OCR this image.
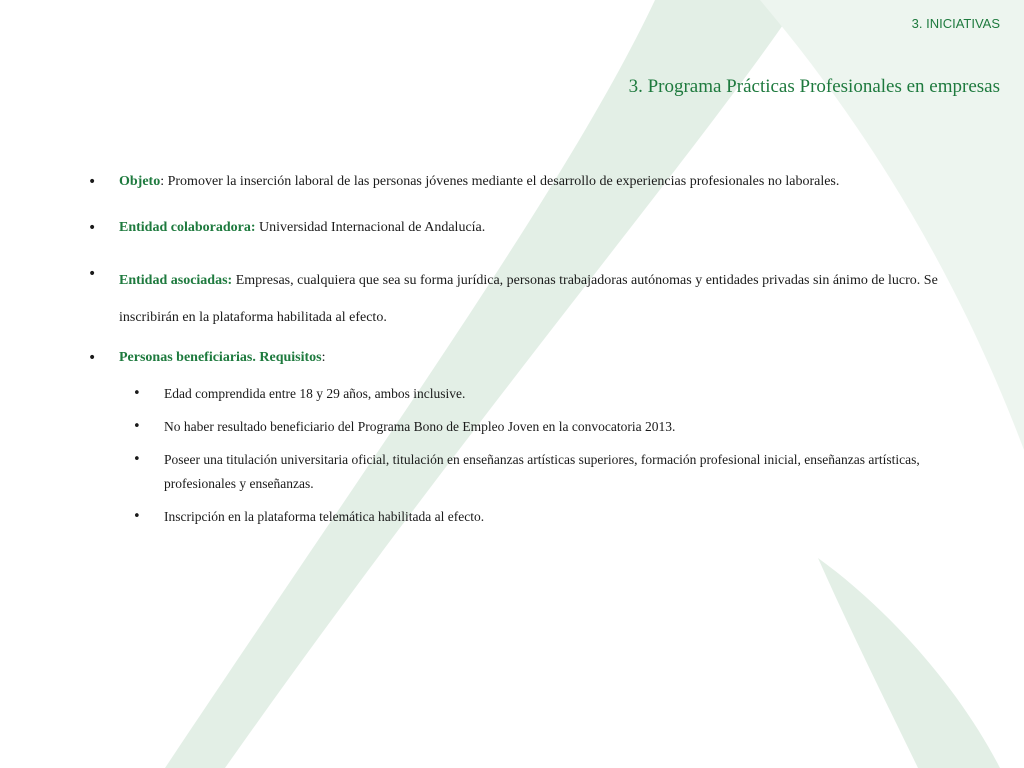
3. INICIATIVAS
3. Programa Prácticas Profesionales en empresas
• Objeto: Promover la inserción laboral de las personas jóvenes mediante el desarrollo de experiencias profesionales no laborales.
• Entidad colaboradora: Universidad Internacional de Andalucía.
• Entidad asociadas: Empresas, cualquiera que sea su forma jurídica, personas trabajadoras autónomas y entidades privadas sin ánimo de lucro. Se inscribirán en la plataforma habilitada al efecto.
• Personas beneficiarias. Requisitos:
• Edad comprendida entre 18 y 29 años, ambos inclusive.
• No haber resultado beneficiario del Programa Bono de Empleo Joven en la convocatoria 2013.
• Poseer una titulación universitaria oficial, titulación en enseñanzas artísticas superiores, formación profesional inicial, enseñanzas artísticas, profesionales y enseñanzas.
• Inscripción en la plataforma telemática habilitada al efecto.
